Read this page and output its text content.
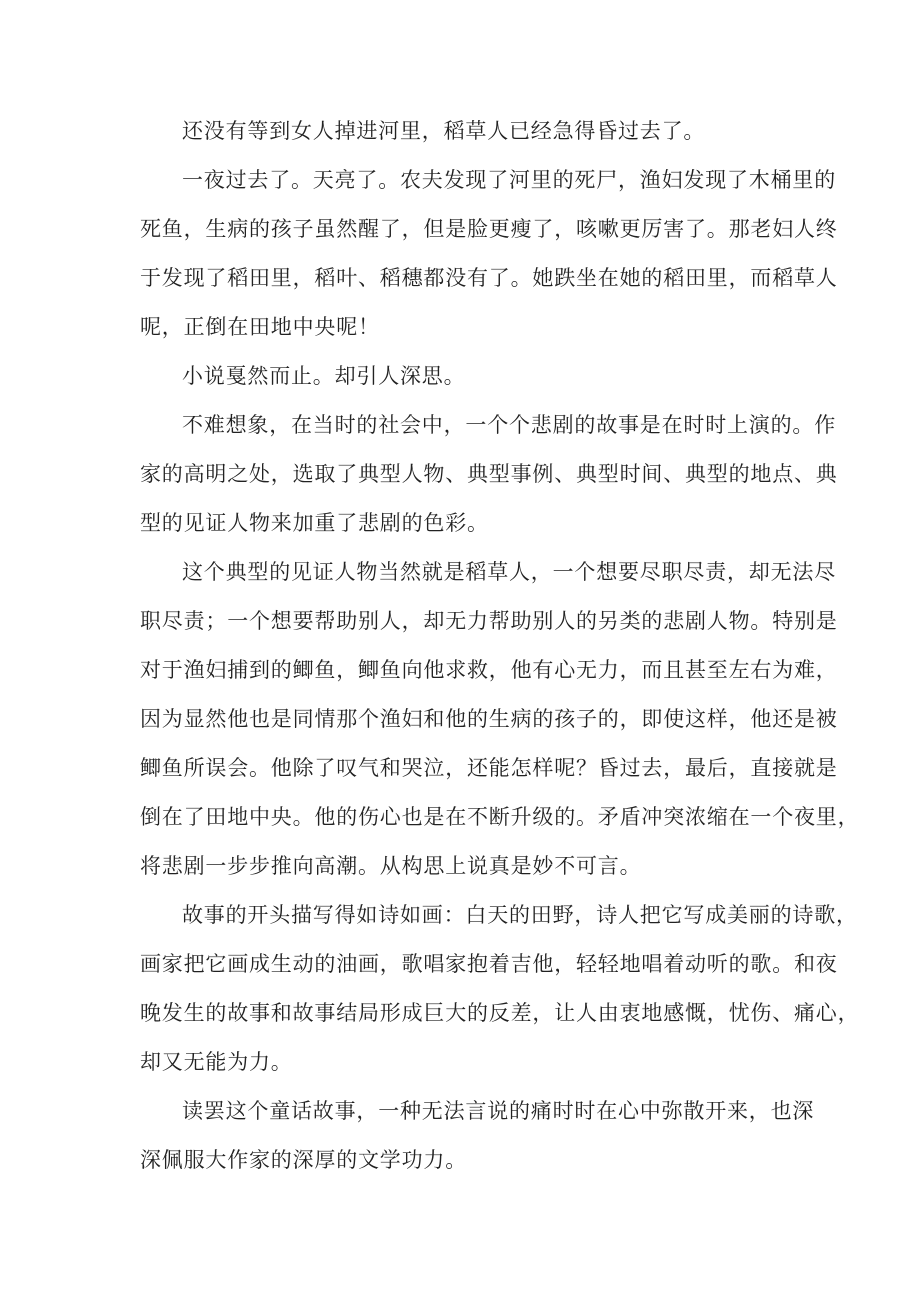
还没有等到女人掉进河里，稻草人已经急得昏过去了。
一夜过去了。天亮了。农夫发现了河里的死尸，渔妇发现了木桶里的
死鱼，生病的孩子虽然醒了，但是脸更瘦了，咳嗽更厉害了。那老妇人终
于发现了稻田里，稻叶、稻穗都没有了。她跌坐在她的稻田里，而稻草人
呢，正倒在田地中央呢！
小说戛然而止。却引人深思。
不难想象，在当时的社会中，一个个悲剧的故事是在时时上演的。作
家的高明之处，选取了典型人物、典型事例、典型时间、典型的地点、典
型的见证人物来加重了悲剧的色彩。
这个典型的见证人物当然就是稻草人，一个想要尽职尽责，却无法尽
职尽责；一个想要帮助别人，却无力帮助别人的另类的悲剧人物。特别是
对于渔妇捕到的鲫鱼，鲫鱼向他求救，他有心无力，而且甚至左右为难，
因为显然他也是同情那个渔妇和他的生病的孩子的，即使这样，他还是被
鲫鱼所误会。他除了叹气和哭泣，还能怎样呢？昏过去，最后，直接就是
倒在了田地中央。他的伤心也是在不断升级的。矛盾冲突浓缩在一个夜里，
将悲剧一步步推向高潮。从构思上说真是妙不可言。
故事的开头描写得如诗如画：白天的田野，诗人把它写成美丽的诗歌，
画家把它画成生动的油画，歌唱家抱着吉他，轻轻地唱着动听的歌。和夜
晚发生的故事和故事结局形成巨大的反差，让人由衷地感慨，忧伤、痛心，
却又无能为力。
读罢这个童话故事，一种无法言说的痛时时在心中弥散开来，也深
深佩服大作家的深厚的文学功力。
